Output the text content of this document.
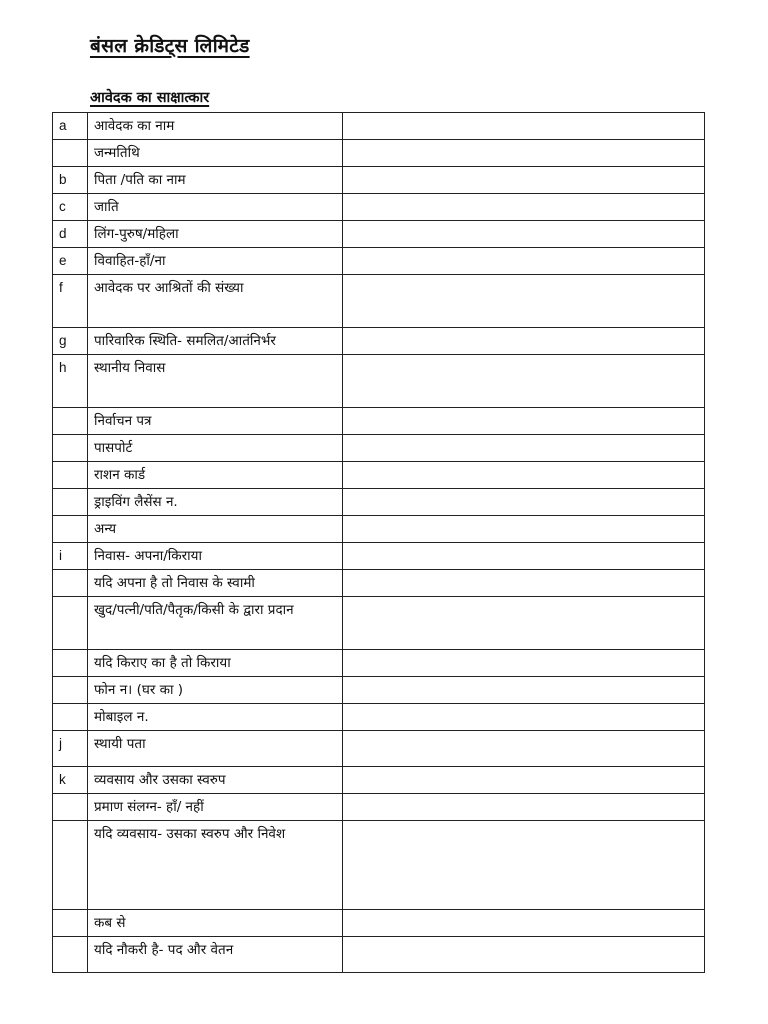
बंसल क्रेडिट्स लिमिटेड
आवेदक का साक्षात्कार
a	आवेदक का नाम	
	जन्मतिथि	
b	पिता /पति का नाम	
c	जाति	
d	लिंग-पुरुष/महिला	
e	विवाहित-हाँ/ना	
f	आवेदक पर आश्रितों की संख्या	
g	पारिवारिक स्थिति- समलित/आतंनिर्भर	
h	स्थानीय निवास	
	निर्वाचन पत्र	
	पासपोर्ट	
	राशन कार्ड	
	ड्राइविंग लैसेंस न.	
	अन्य	
i	निवास- अपना/किराया	
	यदि अपना है तो निवास के स्वामी	
	खुद/पत्नी/पति/पैतृक/किसी के द्वारा प्रदान	
	यदि किराए का है तो किराया	
	फोन न। (घर का )	
	मोबाइल न.	
j	स्थायी पता	
k	व्यवसाय और उसका स्वरुप	
	प्रमाण संलग्न- हाँ/ नहीं	
	यदि व्यवसाय- उसका स्वरुप और निवेश	
	कब से	
	यदि नौकरी है- पद और वेतन	
